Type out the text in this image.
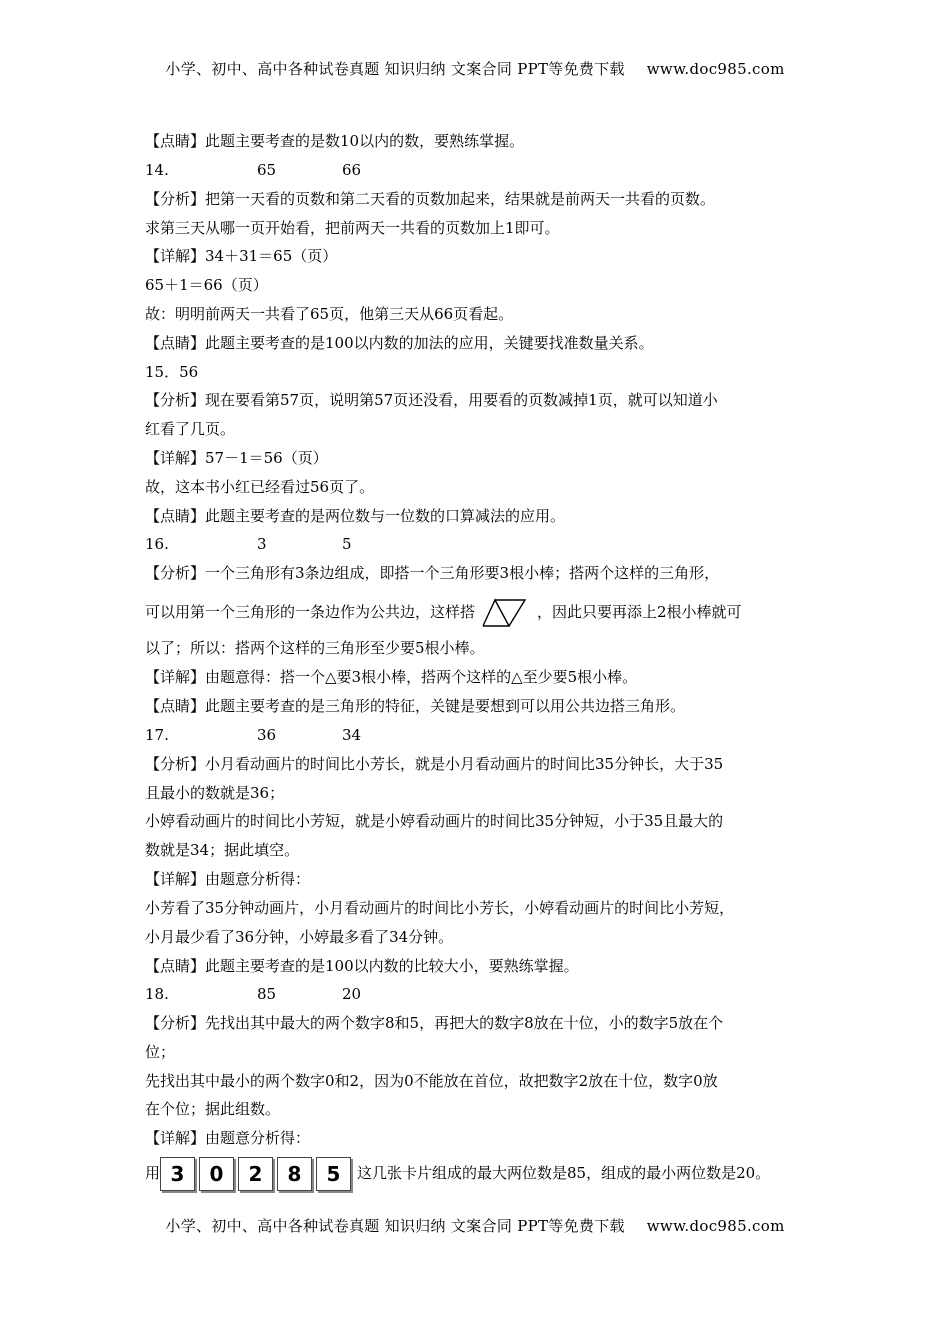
小学、初中、高中各种试卷真题 知识归纳 文案合同 PPT等免费下载 www.doc985.com
【点睛】此题主要考查的是数10以内的数，要熟练掌握。
14.	65	66
【分析】把第一天看的页数和第二天看的页数加起来，结果就是前两天一共看的页数。
求第三天从哪一页开始看，把前两天一共看的页数加上1即可。
【详解】34＋31＝65（页）
65＋1＝66（页）
故：明明前两天一共看了65页，他第三天从66页看起。
【点睛】此题主要考查的是100以内数的加法的应用，关键要找准数量关系。
15．56
【分析】现在要看第57页，说明第57页还没看，用要看的页数减掉1页，就可以知道小
红看了几页。
【详解】57－1＝56（页）
故，这本书小红已经看过56页了。
【点睛】此题主要考查的是两位数与一位数的口算减法的应用。
16.	3	5
【分析】一个三角形有3条边组成，即搭一个三角形要3根小棒；搭两个这样的三角形，
可以用第一个三角形的一条边作为公共边，这样搭	，因此只要再添上2根小棒就可
以了；所以：搭两个这样的三角形至少要5根小棒。
【详解】由题意得：搭一个△要3根小棒，搭两个这样的△至少要5根小棒。
【点睛】此题主要考查的是三角形的特征，关键是要想到可以用公共边搭三角形。
17.	36	34
【分析】小月看动画片的时间比小芳长，就是小月看动画片的时间比35分钟长，大于35
且最小的数就是36；
小婷看动画片的时间比小芳短，就是小婷看动画片的时间比35分钟短，小于35且最大的
数就是34；据此填空。
【详解】由题意分析得：
小芳看了35分钟动画片，小月看动画片的时间比小芳长，小婷看动画片的时间比小芳短，
小月最少看了36分钟，小婷最多看了34分钟。
【点睛】此题主要考查的是100以内数的比较大小，要熟练掌握。
18.	85	20
【分析】先找出其中最大的两个数字8和5，再把大的数字8放在十位，小的数字5放在个
位；
先找出其中最小的两个数字0和2，因为0不能放在首位，故把数字2放在十位，数字0放
在个位；据此组数。
【详解】由题意分析得：
用 3 0 2 8 5 这几张卡片组成的最大两位数是85，组成的最小两位数是20。
小学、初中、高中各种试卷真题 知识归纳 文案合同 PPT等免费下载 www.doc985.com
